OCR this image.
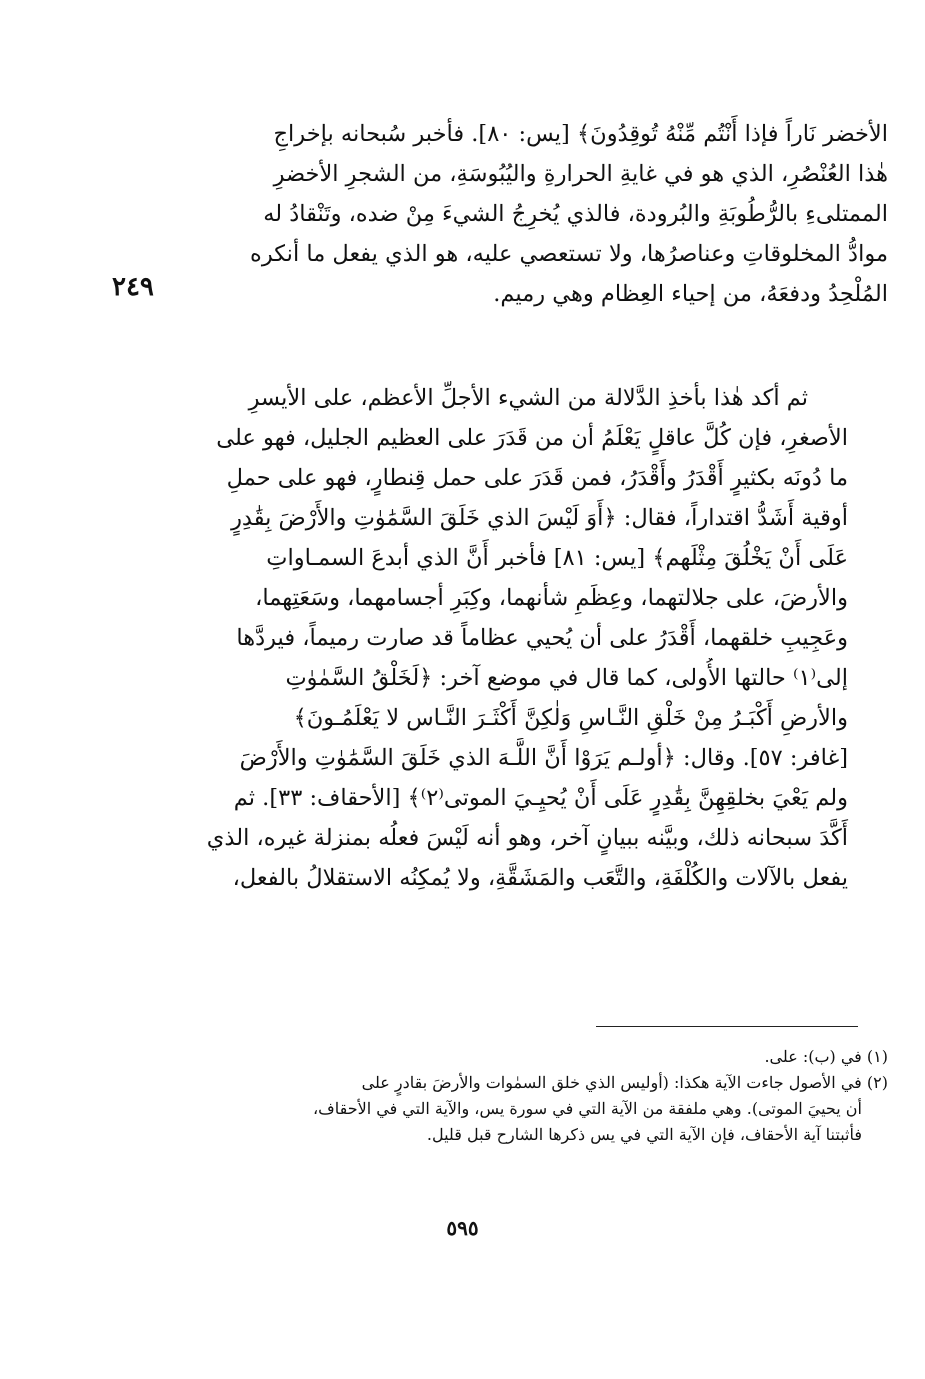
٢٤٩
الأخضر نَاراً فإذا أَنْتُم مِّنْهُ تُوقِدُونَ﴾ [يس: ٨٠]. فأخبر سُبحانه بإخراجِ
هٰذا العُنْصُرِ، الذي هو في غايةِ الحرارةِ واليُبُوسَةِ، من الشجرِ الأخضرِ
الممتلىءِ بالرُّطُوبَةِ والبُرودة، فالذي يُخرِجُ الشيءَ مِنْ ضده، وتَنْقادُ له
موادُّ المخلوقاتِ وعناصرُها، ولا تستعصي عليه، هو الذي يفعل ما أنكره
المُلْحِدُ ودفعَهُ، من إحياء العِظام وهي رميم.
ثم أكد هٰذا بأخذِ الدَّلالة من الشيء الأجلِّ الأعظم، على الأيسرِ
الأصغرِ، فإن كُلَّ عاقلٍ يَعْلَمُ أن من قَدَرَ على العظيم الجليل، فهو على
ما دُونَه بكثيرٍ أَقْدَرُ وأَقْدَرُ، فمن قَدَرَ على حمل قِنطارٍ، فهو على حملِ
أوقية أَشَدُّ اقتداراً، فقال: ﴿أَوَ لَيْسَ الذي خَلَقَ السَّمَٰوٰتِ والأَرْضَ بِقَٰدِرٍ
عَلَى أَنْ يَخْلُقَ مِثْلَهم﴾ [يس: ٨١] فأخبر أَنَّ الذي أبدعَ السمـاواتِ
والأرضَ، على جلالتهما، وعِظَمِ شأنهما، وكِبَرِ أجسامهما، وسَعَتِهما،
وعَجِيبِ خلقهما، أَقْدَرُ على أن يُحيي عظاماً قد صارت رميماً، فيردَّها
إلى⁽١⁾ حالتها الأُولى، كما قال في موضع آخر: ﴿لَخَلْقُ السَّمٰوٰتِ
والأرضِ أَكْبَـرُ مِنْ خَلْقِ النَّـاسِ وَلٰكِنَّ أَكْثَـرَ النَّـاس لا يَعْلَمُـونَ﴾
[غافر: ٥٧]. وقال: ﴿أولـم يَرَوْا أَنَّ اللَّـهَ الذي خَلَقَ السَّمَٰوٰتِ والأَرْضَ
ولم يَعْيَ بخلقِهِنَّ بِقَٰدِرٍ عَلَى أَنْ يُحيِـيَ الموتى⁽٢⁾﴾ [الأحقاف: ٣٣]. ثم
أَكَّدَ سبحانه ذلك، وبيَّنه ببيانٍ آخر، وهو أنه لَيْسَ فعلُه بمنزلة غيره، الذي
يفعل بالآلات والكُلْفَةِ، والتَّعَب والمَشَقَّةِ، ولا يُمكِنُه الاستقلالُ بالفعل،
(١) في (ب): على.
(٢) في الأصول جاءت الآية هكذا: (أوليس الذي خلق السمٰوات والأرضَ بقادرٍ على
أن يحييَ الموتى). وهي ملفقة من الآية التي في سورة يس، والآية التي في الأحقاف،
فأثبتنا آية الأحقاف، فإن الآية التي في يس ذكرها الشارح قبل قليل.
٥٩٥
